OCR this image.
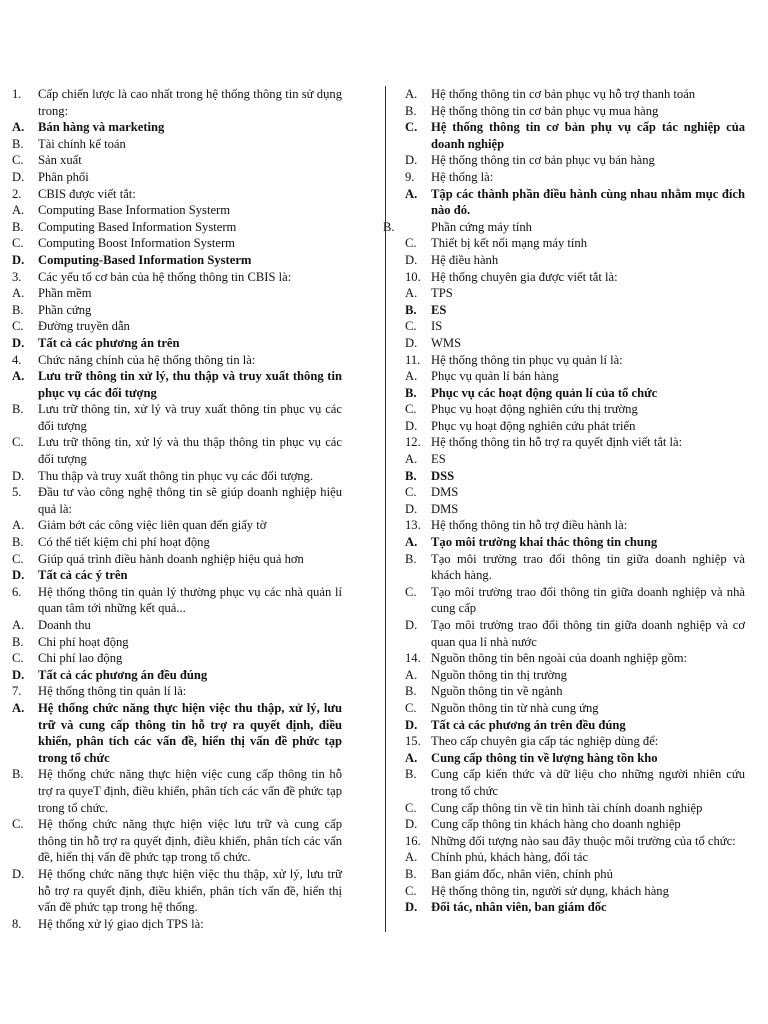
1.	Cấp chiến lược là cao nhất trong hệ thống thông tin sử dụng trong:
A.	Bán hàng và marketing
B.	Tài chính kế toán
C.	Sản xuất
D.	Phân phối
2.	CBIS được viết tắt:
A.	Computing Base Information Systerm
B.	Computing Based Information Systerm
C.	Computing Boost Information Systerm
D.	Computing-Based Information Systerm
3.	Các yếu tố cơ bản của hệ thống thông tin CBIS là:
A.	Phần mềm
B.	Phần cứng
C.	Đường truyền dẫn
D.	Tất cả các phương án trên
4.	Chức năng chính của hệ thống thông tin là:
A.	Lưu trữ thông tin xử lý, thu thập và truy xuất thông tin phục vụ các đối tượng
B.	Lưu trữ thông tin, xử lý và truy xuất thông tin phục vụ các đối tượng
C.	Lưu trữ thông tin, xử lý và thu thập thông tin phục vụ các đối tượng
D.	Thu thập và truy xuất thông tin phục vụ các đối tượng.
5.	Đầu tư vào công nghệ thông tin sẽ giúp doanh nghiệp hiệu quả là:
A.	Giảm bớt các công việc liên quan đến giấy tờ
B.	Có thể tiết kiệm chi phí hoạt động
C.	Giúp quá trình điều hành doanh nghiệp hiệu quả hơn
D.	Tất cả các ý trên
6.	Hệ thống thông tin quản lý thường phục vụ các nhà quản lí quan tâm tới những kết quả...
A.	Doanh thu
B.	Chi phí hoạt động
C.	Chi phí lao động
D.	Tất cả các phương án đều đúng
7.	Hệ thống thông tin quản lí là:
A.	Hệ thống chức năng thực hiện việc thu thập, xử lý, lưu trữ và cung cấp thông tin hỗ trợ ra quyết định, điều khiển, phân tích các vấn đề, hiển thị vấn đề phức tạp trong tổ chức
B.	Hệ thống chức năng thực hiện việc cung cấp thông tin hỗ trợ ra quyeT định, điều khiển, phân tích các vấn đề phức tạp trong tổ chức.
C.	Hệ thống chức năng thực hiện việc lưu trữ và cung cấp thông tin hỗ trợ ra quyết định, điều khiển, phân tích các vấn đề, hiển thị vấn đề phức tạp trong tổ chức.
D.	Hệ thống chức năng thực hiện việc thu thập, xử lý, lưu trữ hỗ trợ ra quyết định, điều khiển, phân tích vấn đề, hiển thị vấn đề phức tạp trong hệ thống.
8.	Hệ thống xử lý giao dịch TPS là:
A.	Hệ thống thông tin cơ bản phục vụ hỗ trợ thanh toán
B.	Hệ thống thông tin cơ bản phục vụ mua hàng
C.	Hệ thống thông tin cơ bản phụ vụ cấp tác nghiệp của doanh nghiệp
D.	Hệ thống thông tin cơ bản phục vụ bán hàng
9.	Hệ thống là:
A.	Tập các thành phần điều hành cùng nhau nhằm mục đích nào đó.
B.	Phần cứng máy tính
C.	Thiết bị kết nối mạng máy tính
D.	Hệ điều hành
10. Hệ thống chuyên gia được viết tắt là:
A.	TPS
B.	ES
C.	IS
D.	WMS
11. Hệ thống thông tin phục vụ quản lí là:
A.	Phục vụ quản lí bán hàng
B.	Phục vụ các hoạt động quản lí của tổ chức
C.	Phục vụ hoạt động nghiên cứu thị trường
D.	Phục vụ hoạt động nghiên cứu phát triển
12. Hệ thống thông tin hỗ trợ ra quyết định viết tắt là:
A.	ES
B.	DSS
C.	DMS
D.	DMS
13. Hệ thống thông tin hỗ trợ điều hành là:
A.	Tạo môi trường khai thác thông tin chung
B.	Tạo môi trường trao đổi thông tin giữa doanh nghiệp và khách hàng.
C.	Tạo môi trường trao đổi thông tin giữa doanh nghiệp và nhà cung cấp
D.	Tạo môi trường trao đổi thông tin giữa doanh nghiệp và cơ quan qua lí nhà nước
14. Nguồn thông tin bên ngoài của doanh nghiệp gồm:
A.	Nguồn thông tin thị trường
B.	Nguồn thông tin về ngành
C.	Nguồn thông tin từ nhà cung ứng
D.	Tất cả các phương án trên đều đúng
15. Theo cấp chuyên gia cấp tác nghiệp dùng để:
A.	Cung cấp thông tin về lượng hàng tồn kho
B.	Cung cấp kiến thức và dữ liệu cho những người nhiên cứu trong tổ chức
C.	Cung cấp thông tin về tin hình tài chính doanh nghiệp
D.	Cung cấp thông tin khách hàng cho doanh nghiệp
16. Những đối tượng nào sau đây thuộc môi trường của tổ chức:
A.	Chính phủ, khách hàng, đối tác
B.	Ban giám đốc, nhân viên, chính phủ
C.	Hệ thống thông tin, người sử dụng, khách hàng
D.	Đối tác, nhân viên, ban giám đốc
